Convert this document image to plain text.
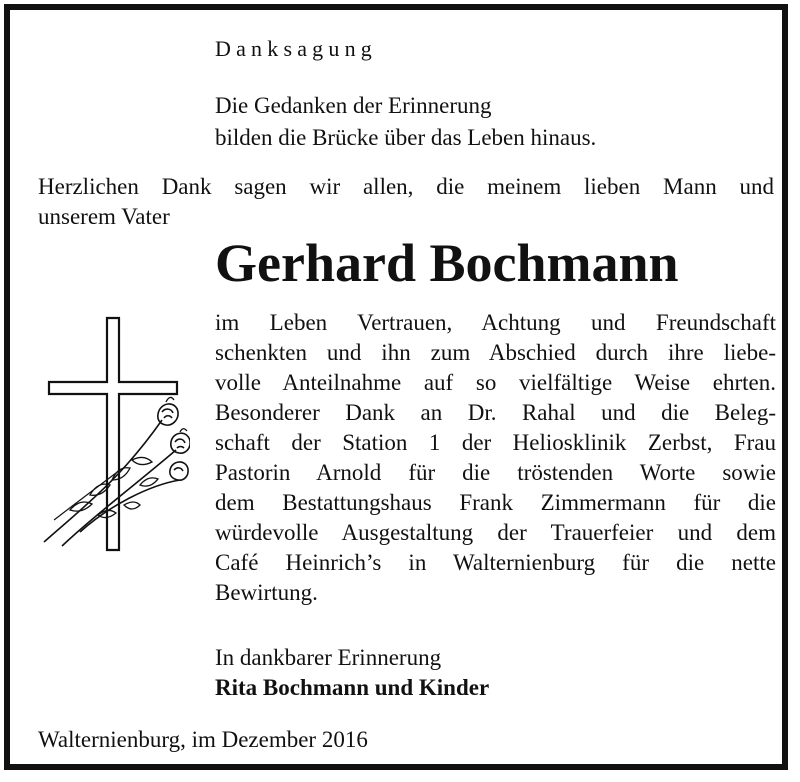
Danksagung
Die Gedanken der Erinnerung
bilden die Brücke über das Leben hinaus.
Herzlichen Dank sagen wir allen, die meinem lieben Mann und
unserem Vater
Gerhard Bochmann
im Leben Vertrauen, Achtung und Freundschaft
schenkten und ihn zum Abschied durch ihre liebe-
volle Anteilnahme auf so vielfältige Weise ehrten.
Besonderer Dank an Dr. Rahal und die Beleg-
schaft der Station 1 der Heliosklinik Zerbst, Frau
Pastorin Arnold für die tröstenden Worte sowie
dem Bestattungshaus Frank Zimmermann für die
würdevolle Ausgestaltung der Trauerfeier und dem
Café Heinrich’s in Walternienburg für die nette
Bewirtung.
In dankbarer Erinnerung
Rita Bochmann und Kinder
Walternienburg, im Dezember 2016
